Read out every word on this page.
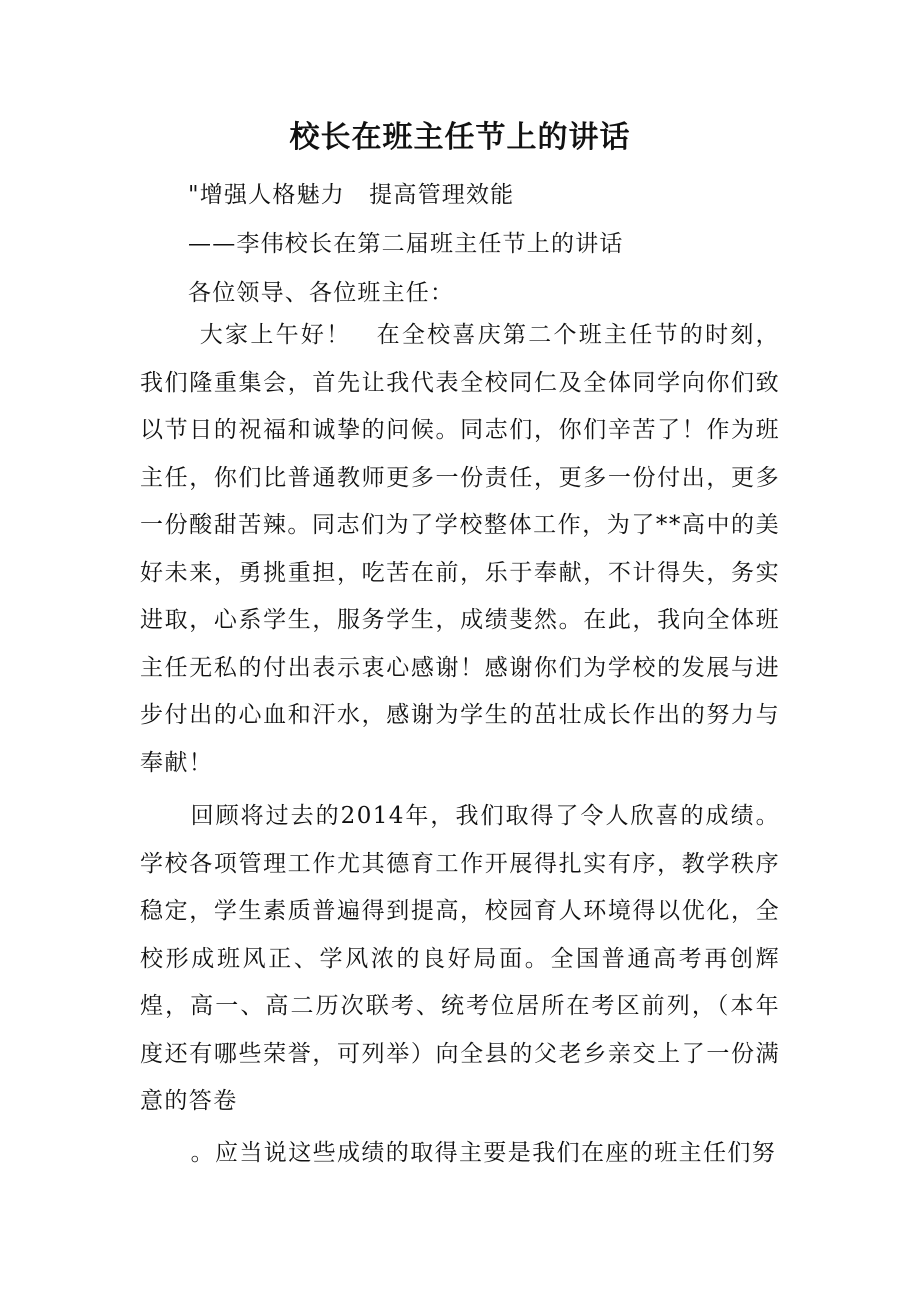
校长在班主任节上的讲话

"增强人格魅力　提高管理效能

——李伟校长在第二届班主任节上的讲话

各位领导、各位班主任：

大家上午好！　在全校喜庆第二个班主任节的时刻，我们隆重集会，首先让我代表全校同仁及全体同学向你们致以节日的祝福和诚挚的问候。同志们，你们辛苦了！作为班主任，你们比普通教师更多一份责任，更多一份付出，更多一份酸甜苦辣。同志们为了学校整体工作，为了**高中的美好未来，勇挑重担，吃苦在前，乐于奉献，不计得失，务实进取，心系学生，服务学生，成绩斐然。在此，我向全体班主任无私的付出表示衷心感谢！感谢你们为学校的发展与进步付出的心血和汗水，感谢为学生的茁壮成长作出的努力与奉献！

回顾将过去的2014年，我们取得了令人欣喜的成绩。学校各项管理工作尤其德育工作开展得扎实有序，教学秩序稳定，学生素质普遍得到提高，校园育人环境得以优化，全校形成班风正、学风浓的良好局面。全国普通高考再创辉煌，高一、高二历次联考、统考位居所在考区前列，（本年度还有哪些荣誉，可列举）向全县的父老乡亲交上了一份满意的答卷

。应当说这些成绩的取得主要是我们在座的班主任们努
